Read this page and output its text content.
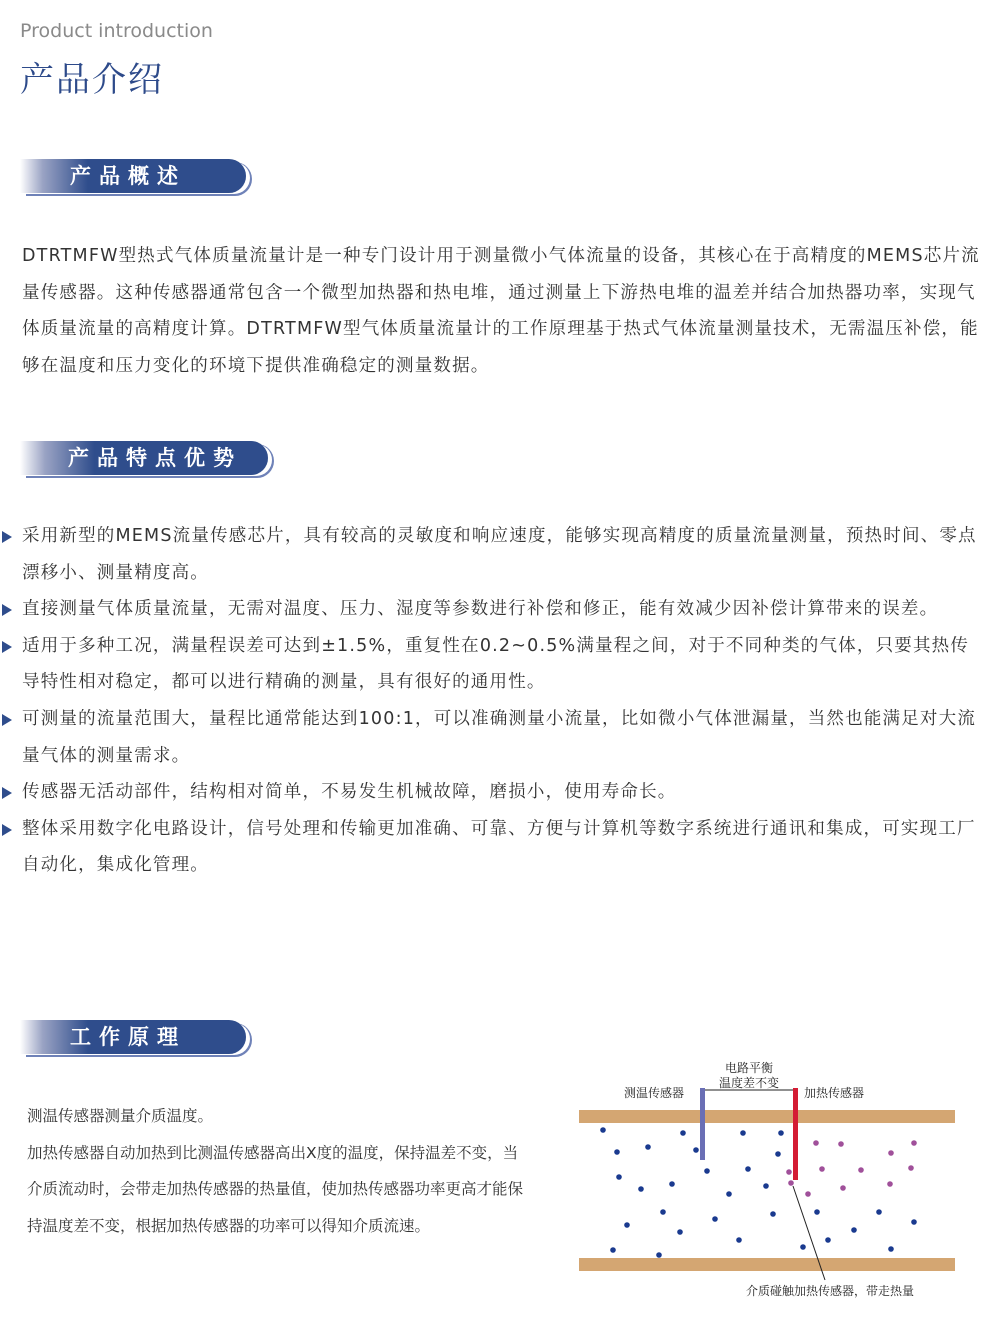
Product introduction
产品介绍
产品概述
DTRTMFW型热式气体质量流量计是一种专门设计用于测量微小气体流量的设备，其核心在于高精度的MEMS芯片流量传感器。这种传感器通常包含一个微型加热器和热电堆，通过测量上下游热电堆的温差并结合加热器功率，实现气体质量流量的高精度计算。DTRTMFW型气体质量流量计的工作原理基于热式气体流量测量技术，无需温压补偿，能够在温度和压力变化的环境下提供准确稳定的测量数据。
产品特点优势
采用新型的MEMS流量传感芯片，具有较高的灵敏度和响应速度，能够实现高精度的质量流量测量，预热时间、零点漂移小、测量精度高。
直接测量气体质量流量，无需对温度、压力、湿度等参数进行补偿和修正，能有效减少因补偿计算带来的误差。
适用于多种工况，满量程误差可达到±1.5%，重复性在0.2~0.5%满量程之间，对于不同种类的气体，只要其热传导特性相对稳定，都可以进行精确的测量，具有很好的通用性。
可测量的流量范围大，量程比通常能达到100:1，可以准确测量小流量，比如微小气体泄漏量，当然也能满足对大流量气体的测量需求。
传感器无活动部件，结构相对简单，不易发生机械故障，磨损小，使用寿命长。
整体采用数字化电路设计，信号处理和传输更加准确、可靠、方便与计算机等数字系统进行通讯和集成，可实现工厂自动化，集成化管理。
工作原理
测温传感器测量介质温度。
加热传感器自动加热到比测温传感器高出X度的温度，保持温差不变，当介质流动时，会带走加热传感器的热量值，使加热传感器功率更高才能保持温度差不变，根据加热传感器的功率可以得知介质流速。
测温传感器
电路平衡
温度差不变
加热传感器
介质碰触加热传感器，带走热量
